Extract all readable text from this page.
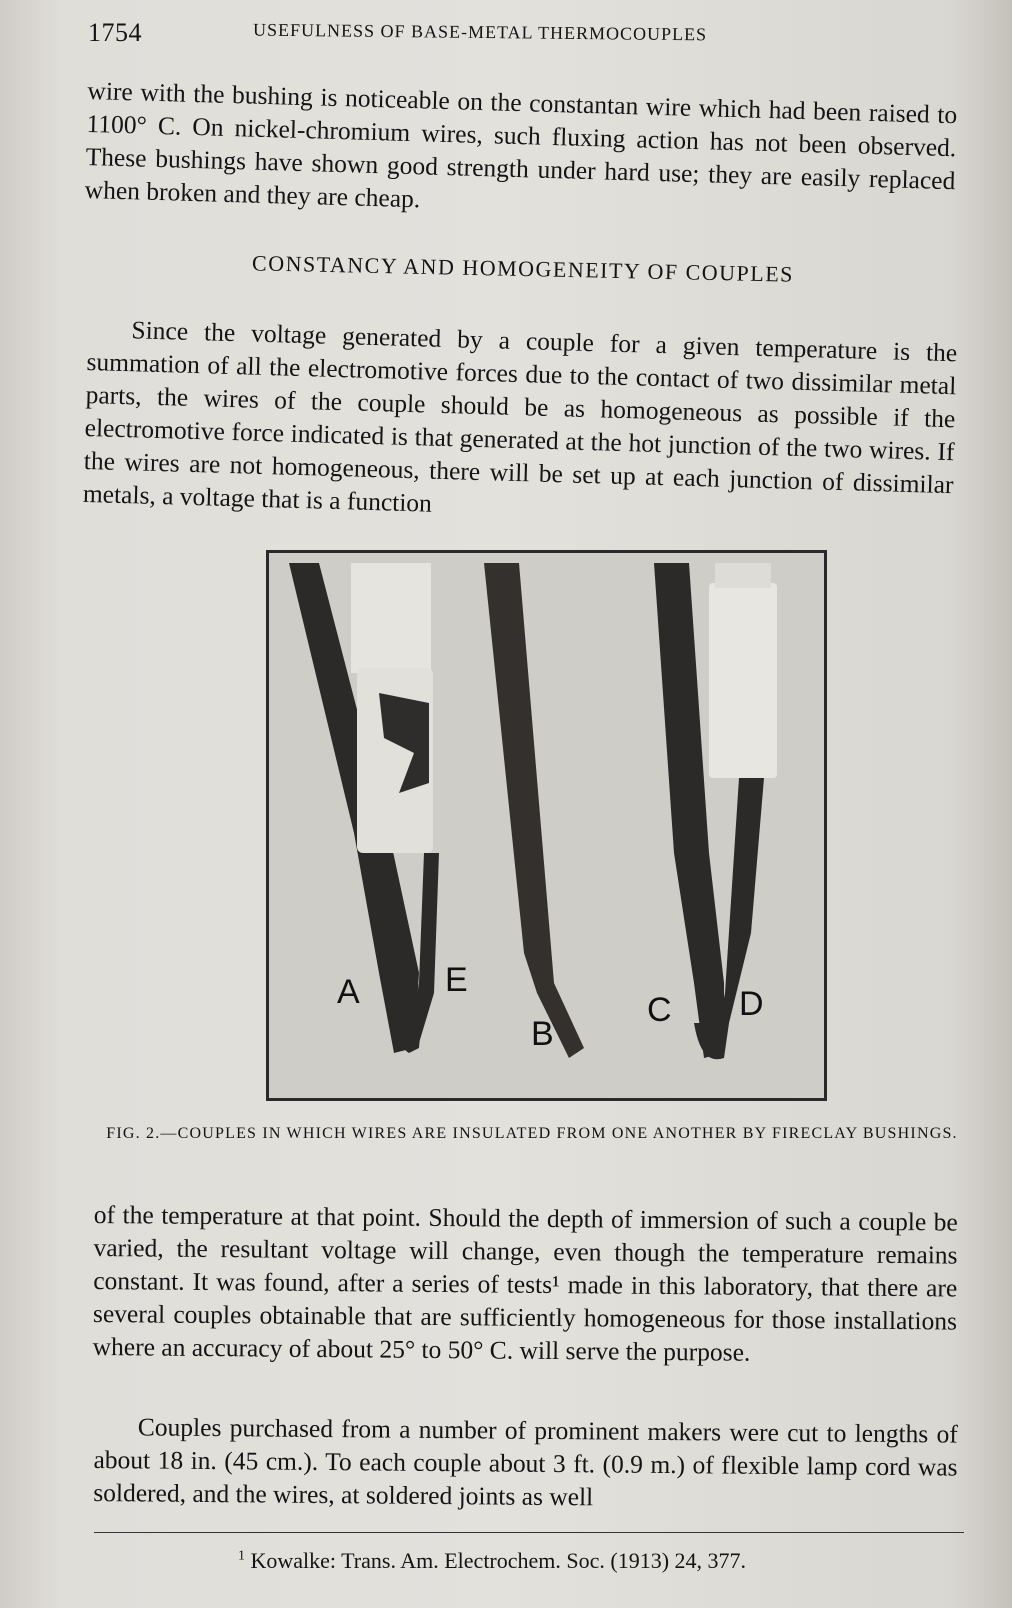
1754	USEFULNESS OF BASE-METAL THERMOCOUPLES

wire with the bushing is noticeable on the constantan wire which had been raised to 1100° C. On nickel-chromium wires, such fluxing action has not been observed. These bushings have shown good strength under hard use; they are easily replaced when broken and they are cheap.

CONSTANCY AND HOMOGENEITY OF COUPLES

Since the voltage generated by a couple for a given temperature is the summation of all the electromotive forces due to the contact of two dissimilar metal parts, the wires of the couple should be as homogeneous as possible if the electromotive force indicated is that generated at the hot junction of the two wires. If the wires are not homogeneous, there will be set up at each junction of dissimilar metals, a voltage that is a function

A	E
B
C D
FIG. 2.—COUPLES IN WHICH WIRES ARE INSULATED FROM ONE ANOTHER BY FIRECLAY BUSHINGS.

of the temperature at that point. Should the depth of immersion of such a couple be varied, the resultant voltage will change, even though the temperature remains constant. It was found, after a series of tests¹ made in this laboratory, that there are several couples obtainable that are sufficiently homogeneous for those installations where an accuracy of about 25° to 50° C. will serve the purpose.

Couples purchased from a number of prominent makers were cut to lengths of about 18 in. (45 cm.). To each couple about 3 ft. (0.9 m.) of flexible lamp cord was soldered, and the wires, at soldered joints as well

$^1$ Kowalke: Trans. Am. Electrochem. Soc. (1913) 24, 377.
